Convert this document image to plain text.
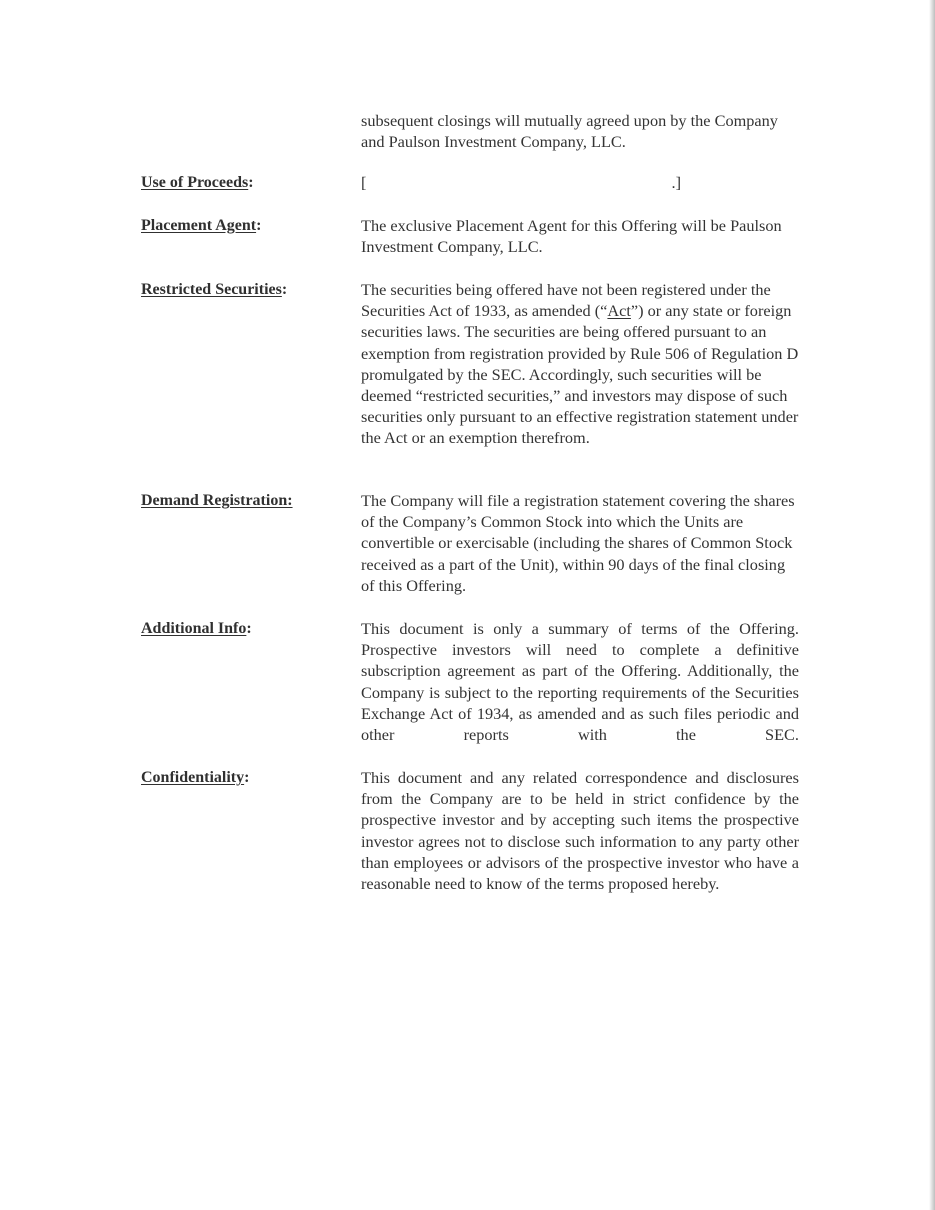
subsequent closings will mutually agreed upon by the Company and Paulson Investment Company, LLC.

Use of Proceeds:	[	.]
Placement Agent:	The exclusive Placement Agent for this Offering will be Paulson Investment Company, LLC.

Restricted Securities:	The securities being offered have not been registered under the Securities Act of 1933, as amended (“Act”) or any state or foreign securities laws. The securities are being offered pursuant to an exemption from registration provided by Rule 506 of Regulation D promulgated by the SEC. Accordingly, such securities will be deemed “restricted securities,” and investors may dispose of such securities only pursuant to an effective registration statement under the Act or an exemption therefrom.

Demand Registration:	The Company will file a registration statement covering the shares of the Company’s Common Stock into which the Units are convertible or exercisable (including the shares of Common Stock received as a part of the Unit), within 90 days of the final closing of this Offering.

Additional Info:	This document is only a summary of terms of the Offering. Prospective investors will need to complete a definitive subscription agreement as part of the Offering. Additionally, the Company is subject to the reporting requirements of the Securities Exchange Act of 1934, as amended and as such files periodic and other reports with the SEC.

Confidentiality:	This document and any related correspondence and disclosures from the Company are to be held in strict confidence by the prospective investor and by accepting such items the prospective investor agrees not to disclose such information to any party other than employees or advisors of the prospective investor who have a reasonable need to know of the terms proposed hereby.
